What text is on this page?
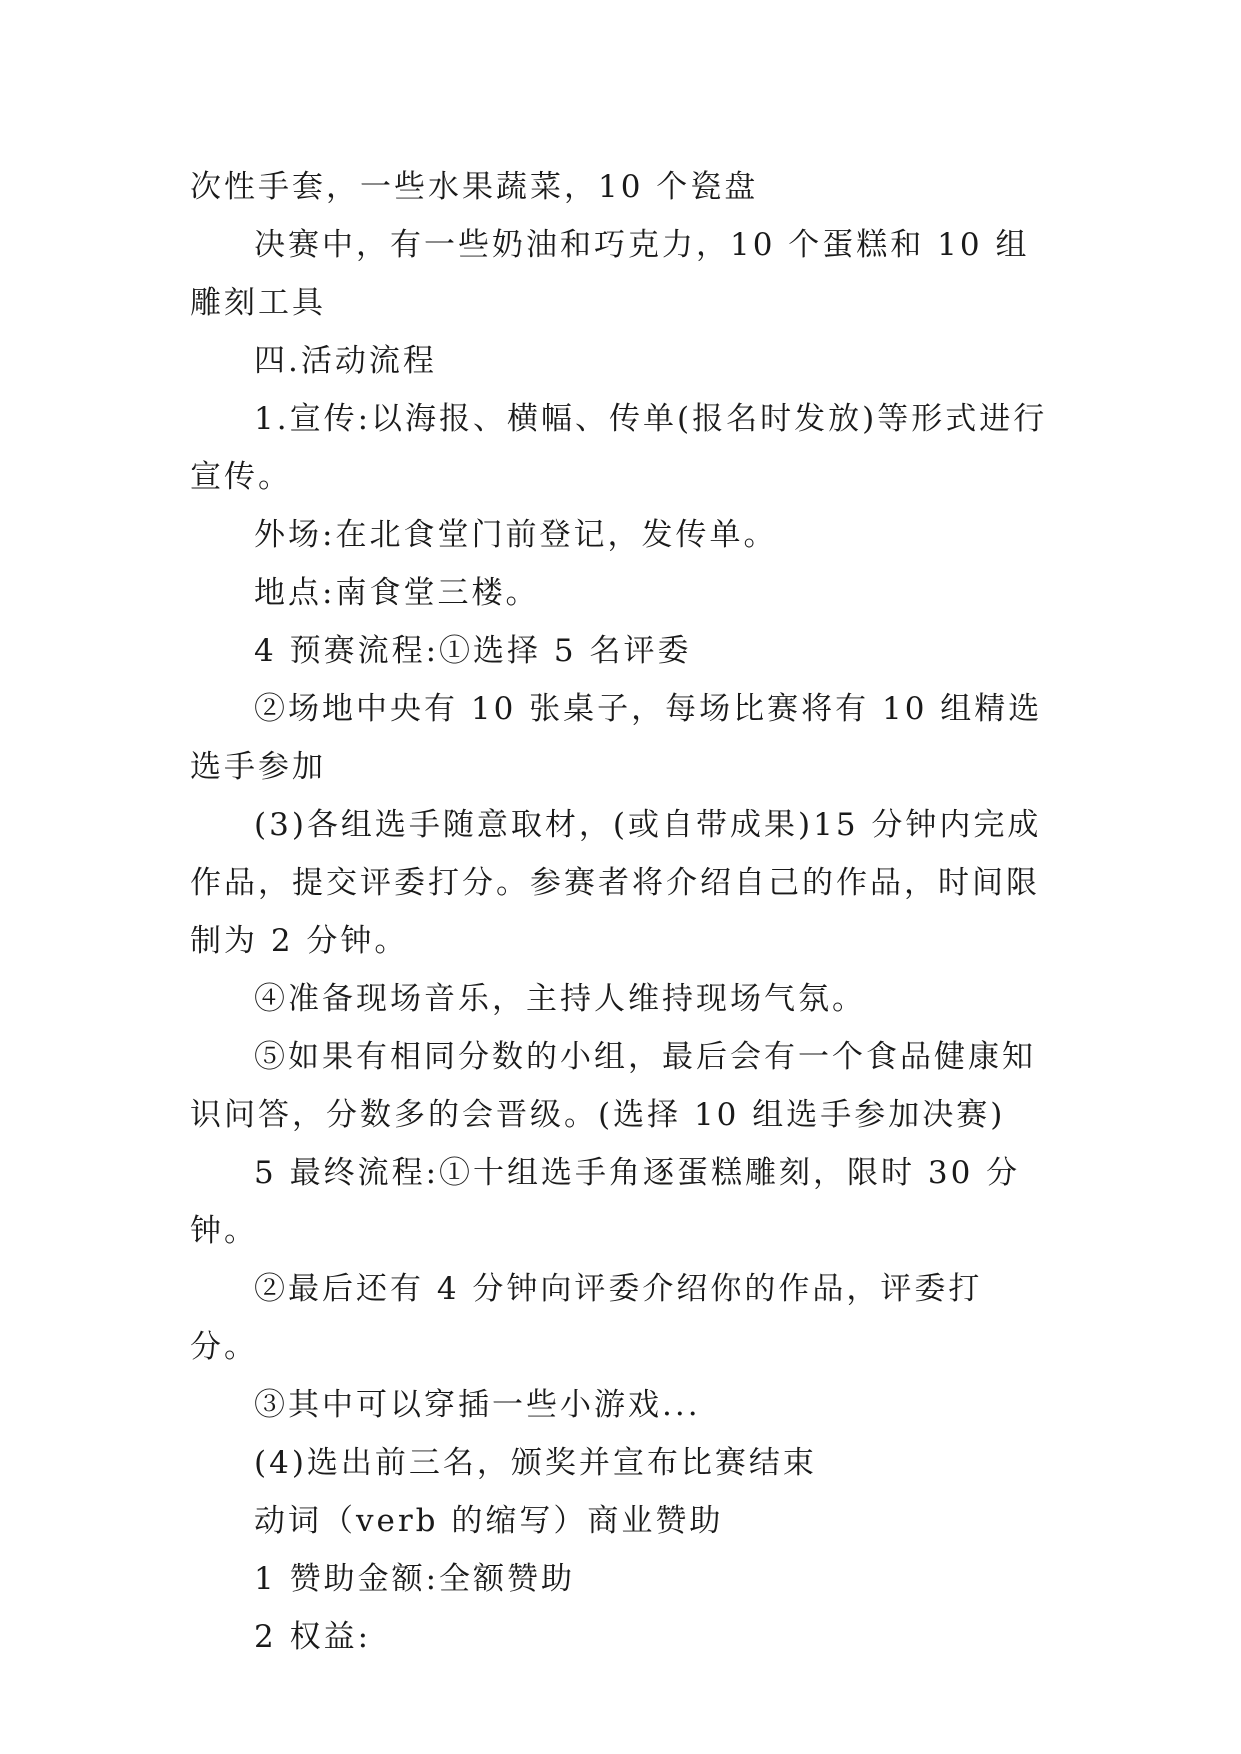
次性手套，一些水果蔬菜，10 个瓷盘

决赛中，有一些奶油和巧克力，10 个蛋糕和 10 组雕刻工具

四.活动流程

1.宣传:以海报、横幅、传单(报名时发放)等形式进行宣传。

外场:在北食堂门前登记，发传单。

地点:南食堂三楼。

4 预赛流程:①选择 5 名评委

②场地中央有 10 张桌子，每场比赛将有 10 组精选选手参加

(3)各组选手随意取材，(或自带成果)15 分钟内完成作品，提交评委打分。参赛者将介绍自己的作品，时间限制为 2 分钟。

④准备现场音乐，主持人维持现场气氛。

⑤如果有相同分数的小组，最后会有一个食品健康知识问答，分数多的会晋级。(选择 10 组选手参加决赛)

5 最终流程:①十组选手角逐蛋糕雕刻，限时 30 分钟。

②最后还有 4 分钟向评委介绍你的作品，评委打分。

③其中可以穿插一些小游戏...

(4)选出前三名，颁奖并宣布比赛结束

动词（verb 的缩写）商业赞助

1 赞助金额:全额赞助

2 权益:
